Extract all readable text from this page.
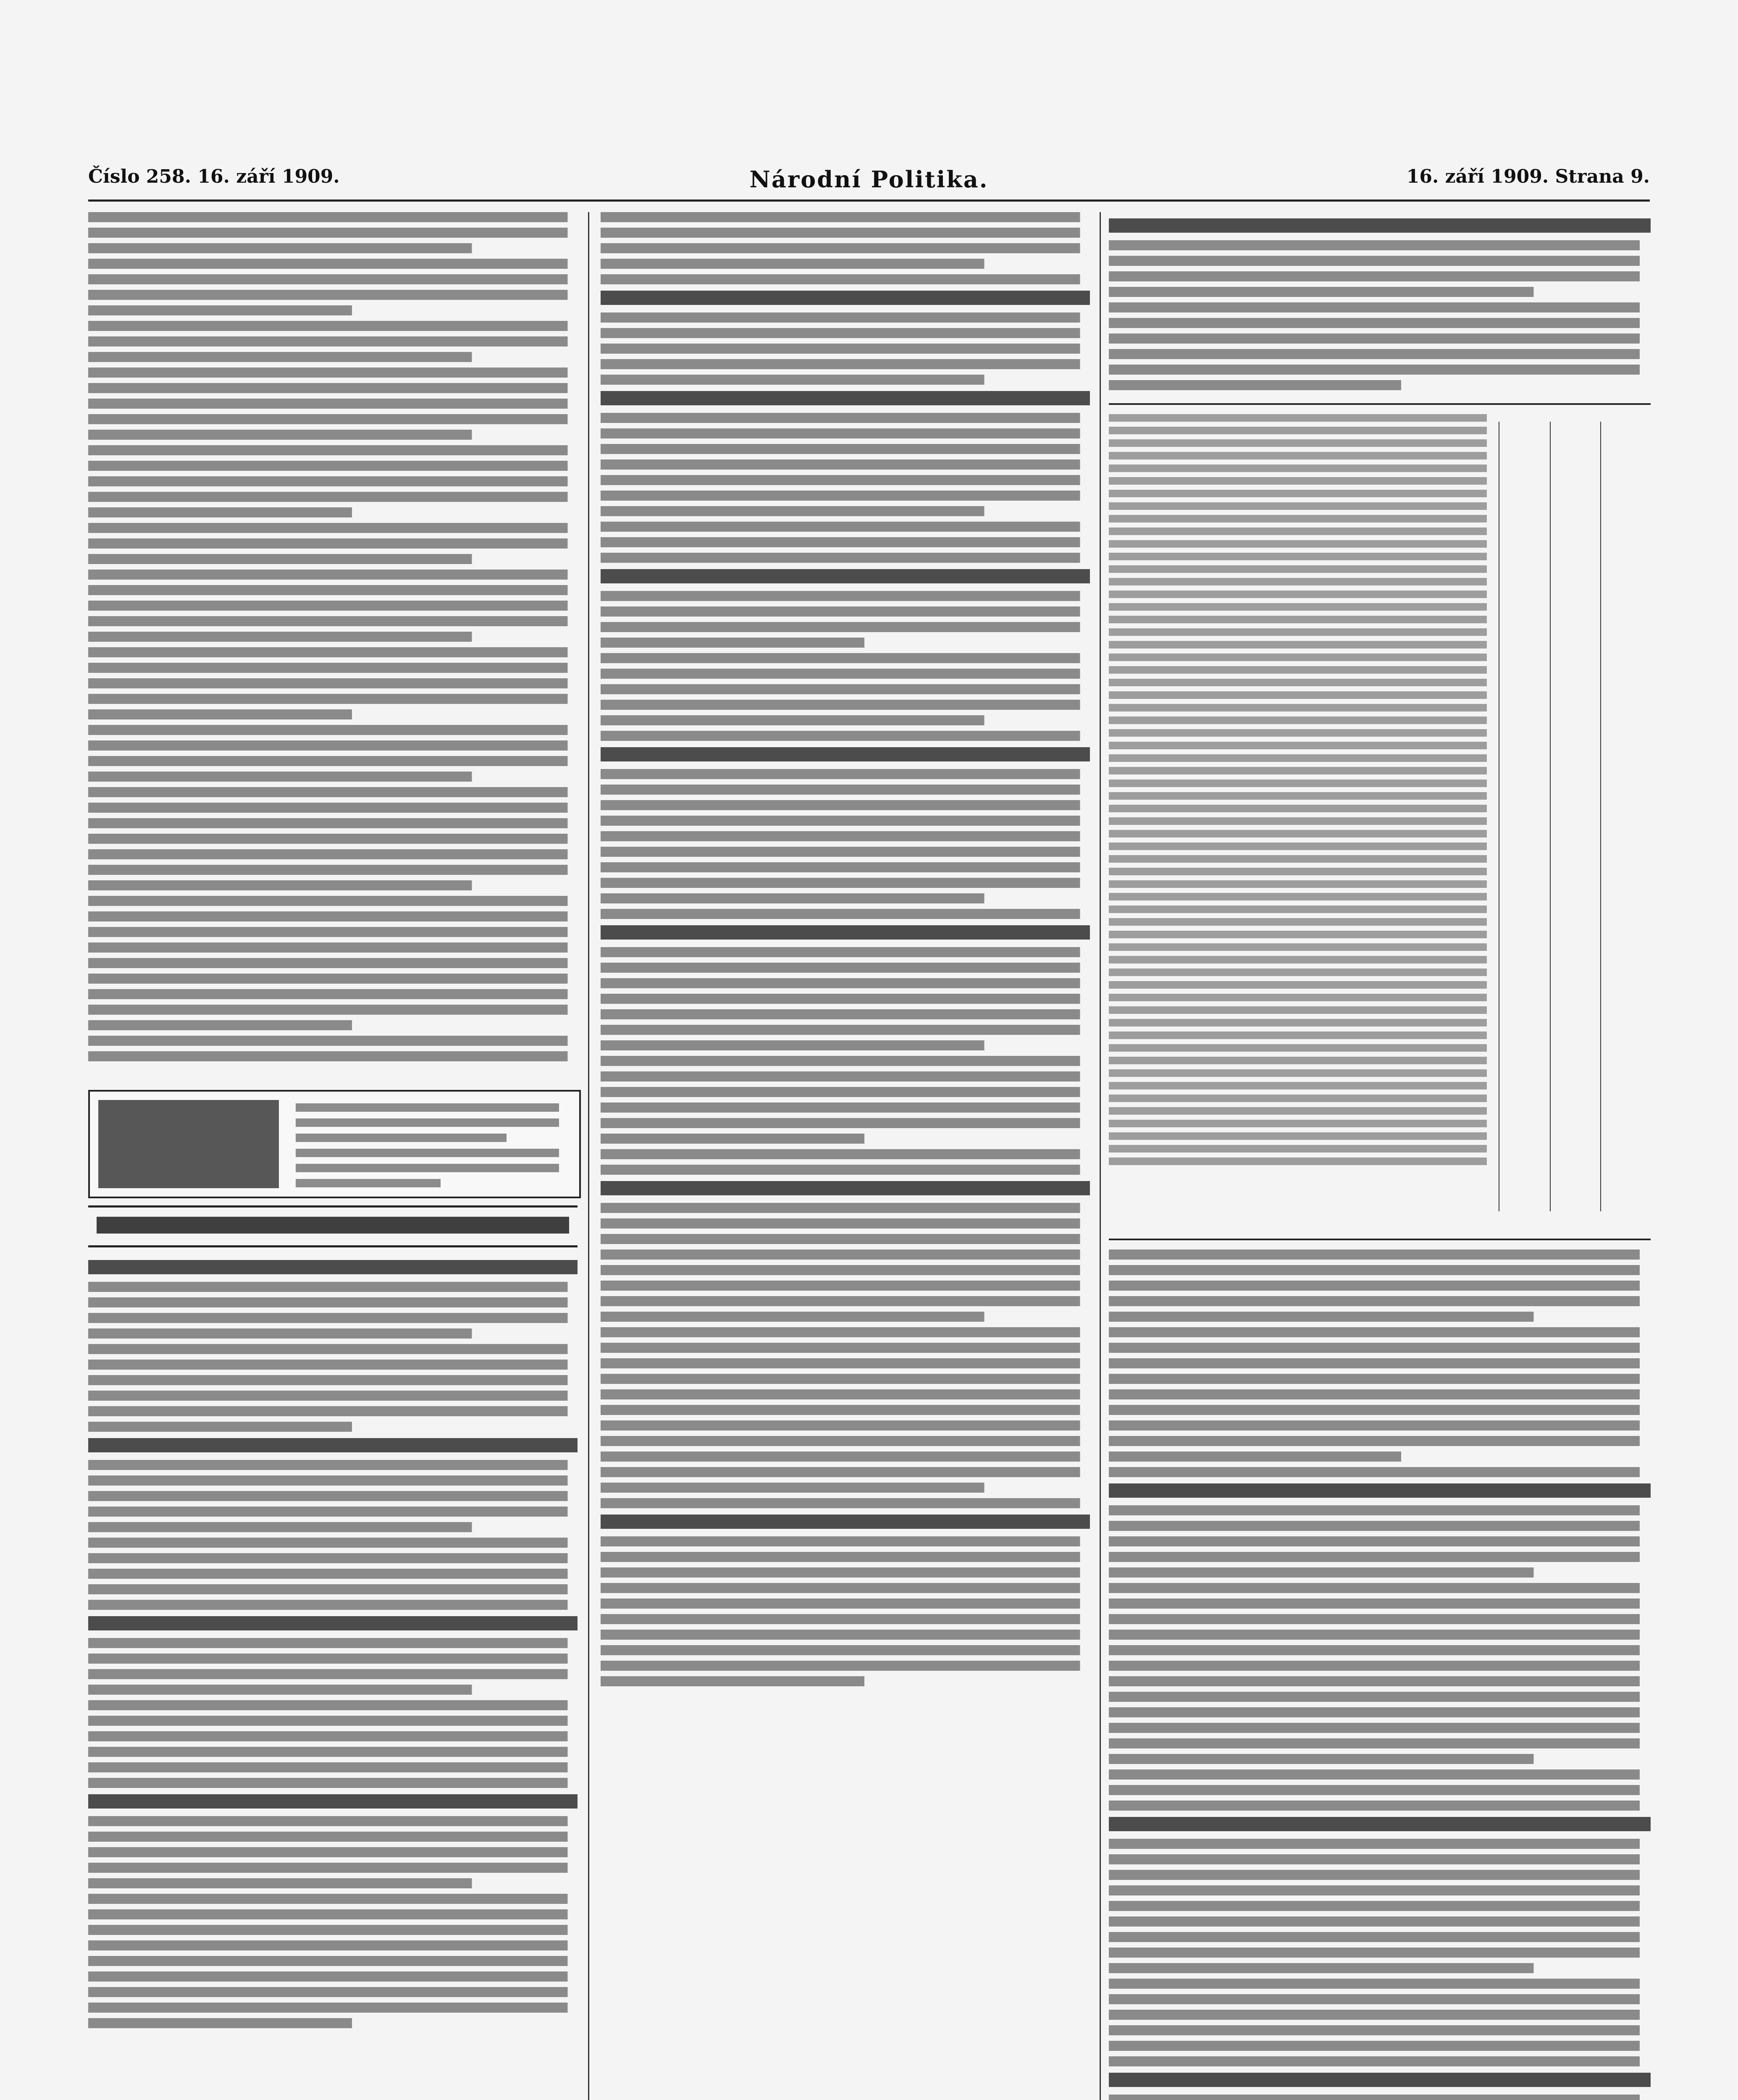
Číslo 258. 16. září 1909.	Národní Politika.	16. září 1909. Strana 9.
